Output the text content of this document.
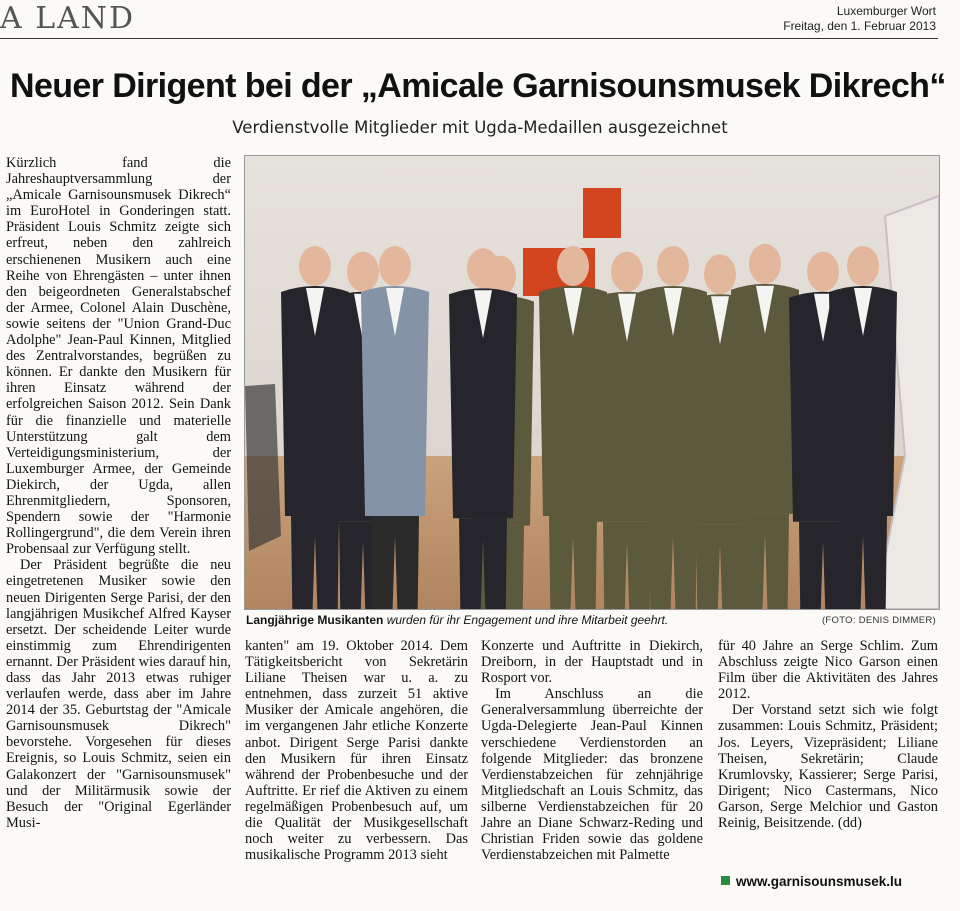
A LAND	Luxemburger Wort
Freitag, den 1. Februar 2013
Neuer Dirigent bei der „Amicale Garnisounsmusek Dikrech“
Verdienstvolle Mitglieder mit Ugda-Medaillen ausgezeichnet

Kürzlich fand die Jahreshauptversammlung der „Amicale Garnisounsmusek Dikrech“ im EuroHotel in Gonderingen statt. Präsident Louis Schmitz zeigte sich erfreut, neben den zahlreich erschienenen Musikern auch eine Reihe von Ehrengästen – unter ihnen den beigeordneten Generalstabschef der Armee, Colonel Alain Duschène, sowie seitens der "Union Grand-Duc Adolphe" Jean-Paul Kinnen, Mitglied des Zentralvorstandes, begrüßen zu können. Er dankte den Musikern für ihren Einsatz während der erfolgreichen Saison 2012. Sein Dank für die finanzielle und materielle Unterstützung galt dem Verteidigungsministerium, der Luxemburger Armee, der Gemeinde Diekirch, der Ugda, allen Ehrenmitgliedern, Sponsoren, Spendern sowie der "Harmonie Rollingergrund", die dem Verein ihren Probensaal zur Verfügung stellt.

Der Präsident begrüßte die neu eingetretenen Musiker sowie den neuen Dirigenten Serge Parisi, der den langjährigen Musikchef Alfred Kayser ersetzt. Der scheidende Leiter wurde einstimmig zum Ehrendirigenten ernannt. Der Präsident wies darauf hin, dass das Jahr 2013 etwas ruhiger verlaufen werde, dass aber im Jahre 2014 der 35. Geburtstag der "Amicale Garnisounsmusek Dikrech" bevorstehe. Vorgesehen für dieses Ereignis, so Louis Schmitz, seien ein Galakonzert der "Garnisounsmusek" und der Militärmusik sowie der Besuch der "Original Egerländer Musi-

Langjährige Musikanten wurden für ihr Engagement und ihre Mitarbeit geehrt.	(FOTO: DENIS DIMMER)

kanten" am 19. Oktober 2014. Dem Tätigkeitsbericht von Sekretärin Liliane Theisen war u. a. zu entnehmen, dass zurzeit 51 aktive Musiker der Amicale angehören, die im vergangenen Jahr etliche Konzerte anbot. Dirigent Serge Parisi dankte den Musikern für ihren Einsatz während der Probenbesuche und der Auftritte. Er rief die Aktiven zu einem regelmäßigen Probenbesuch auf, um die Qualität der Musikgesellschaft noch weiter zu verbessern. Das musikalische Programm 2013 sieht

Konzerte und Auftritte in Diekirch, Dreiborn, in der Hauptstadt und in Rosport vor.

Im Anschluss an die Generalversammlung überreichte der Ugda-Delegierte Jean-Paul Kinnen verschiedene Verdienstorden an folgende Mitglieder: das bronzene Verdienstabzeichen für zehnjährige Mitgliedschaft an Louis Schmitz, das silberne Verdienstabzeichen für 20 Jahre an Diane Schwarz-Reding und Christian Friden sowie das goldene Verdienstabzeichen mit Palmette

für 40 Jahre an Serge Schlim. Zum Abschluss zeigte Nico Garson einen Film über die Aktivitäten des Jahres 2012.

Der Vorstand setzt sich wie folgt zusammen: Louis Schmitz, Präsident; Jos. Leyers, Vizepräsident; Liliane Theisen, Sekretärin; Claude Krumlovsky, Kassierer; Serge Parisi, Dirigent; Nico Castermans, Nico Garson, Serge Melchior und Gaston Reinig, Beisitzende. (dd)

www.garnisounsmusek.lu
